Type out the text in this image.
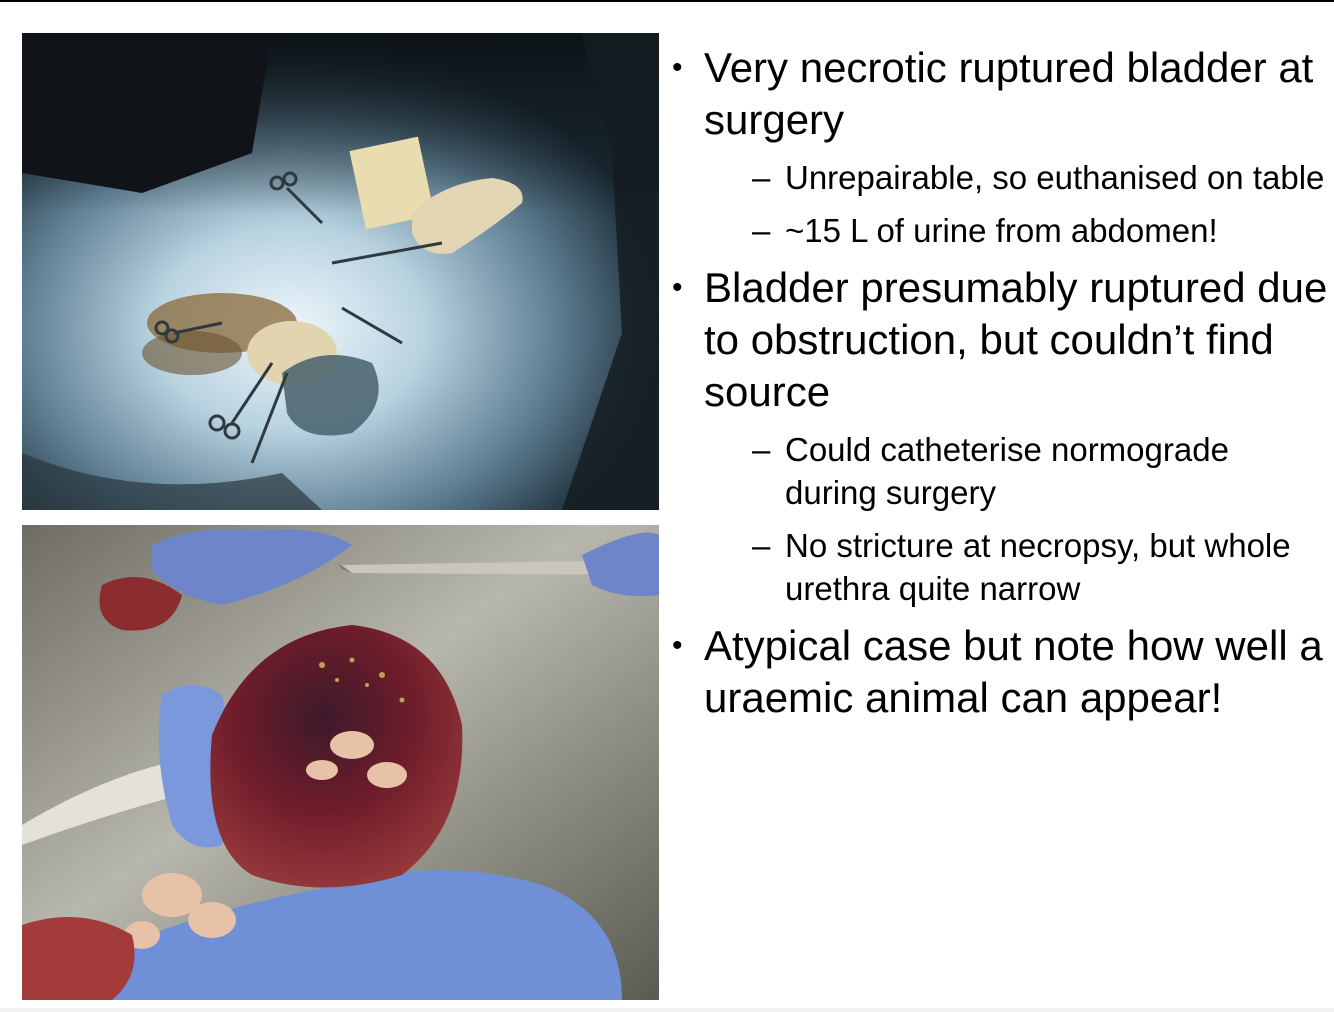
• Very necrotic ruptured bladder at surgery
– Unrepairable, so euthanised on table
– ~15 L of urine from abdomen!
• Bladder presumably ruptured due to obstruction, but couldn’t find source
– Could catheterise normograde during surgery
– No stricture at necropsy, but whole urethra quite narrow
• Atypical case but note how well a uraemic animal can appear!
